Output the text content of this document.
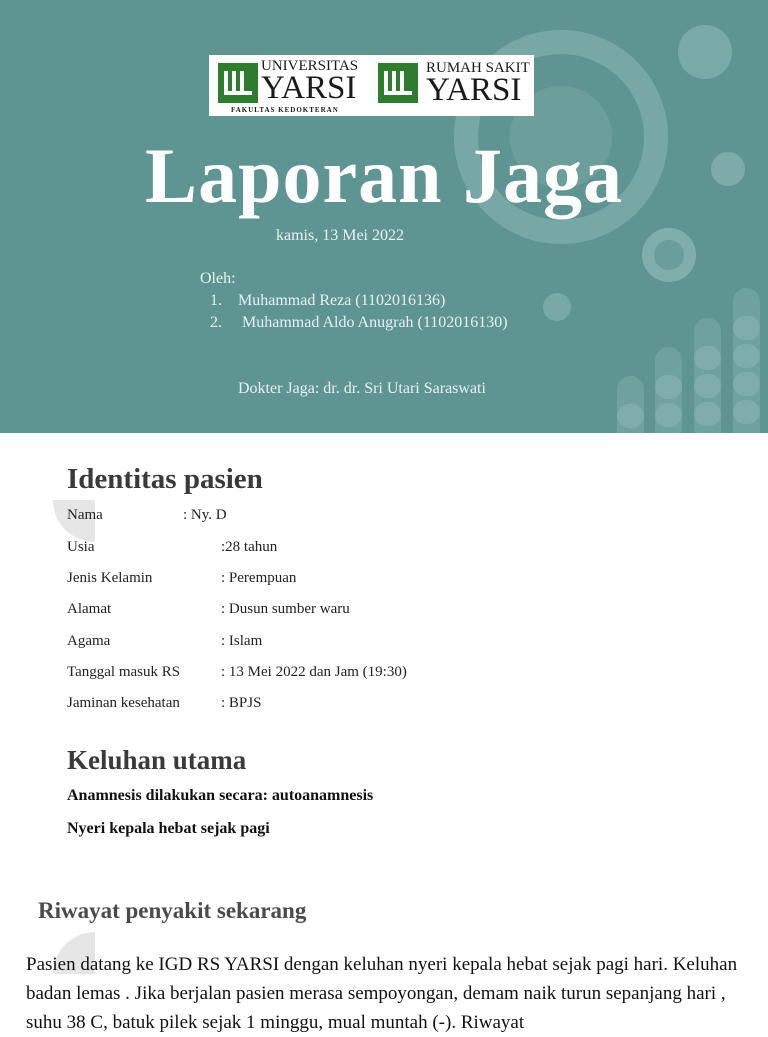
UNIVERSITAS
YARSI
FAKULTAS KEDOKTERAN
RUMAH SAKIT
YARSI
Laporan Jaga
kamis, 13 Mei 2022
Oleh:
1. Muhammad Reza (1102016136)
2. Muhammad Aldo Anugrah (1102016130)
Dokter Jaga: dr. dr. Sri Utari Saraswati
Identitas pasien
Nama	: Ny. D
Usia	:28 tahun
Jenis Kelamin	: Perempuan
Alamat	: Dusun sumber waru
Agama	: Islam
Tanggal masuk RS	: 13 Mei 2022 dan Jam (19:30)
Jaminan kesehatan	: BPJS
Keluhan utama
Anamnesis dilakukan secara: autoanamnesis
Nyeri kepala hebat sejak pagi
Riwayat penyakit sekarang
Pasien datang ke IGD RS YARSI dengan keluhan nyeri kepala hebat sejak pagi hari. Keluhan badan lemas . Jika berjalan pasien merasa sempoyongan, demam naik turun sepanjang hari , suhu 38 C, batuk pilek sejak 1 minggu, mual muntah (-). Riwayat
